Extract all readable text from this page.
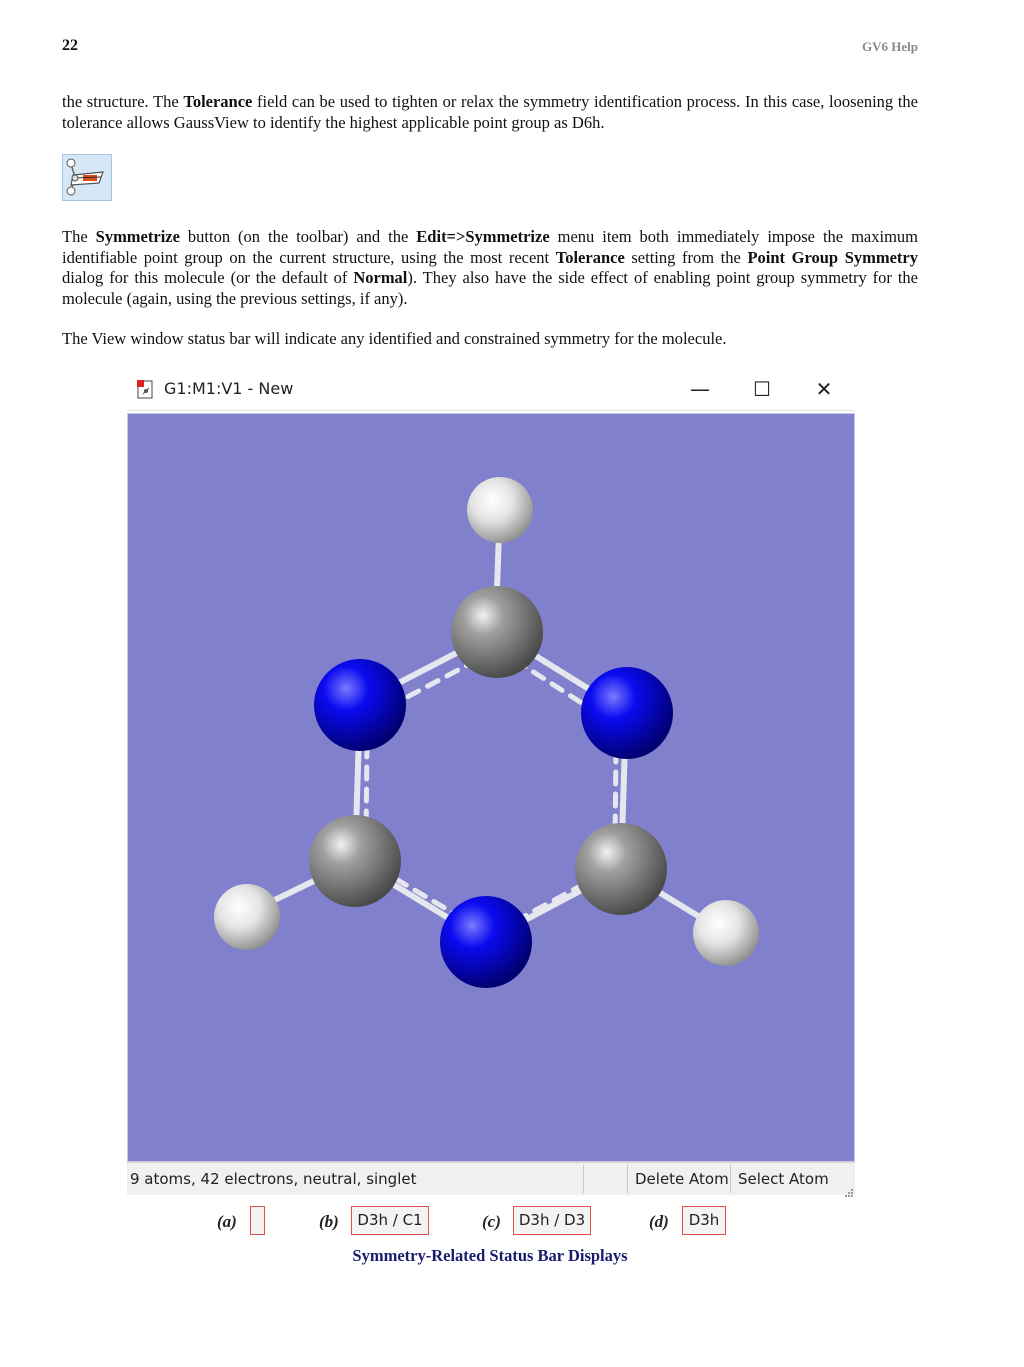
22	GV6 Help
the structure. The Tolerance field can be used to tighten or relax the symmetry identification process. In this case, loosening the tolerance allows GaussView to identify the highest applicable point group as D6h.
The Symmetrize button (on the toolbar) and the Edit=>Symmetrize menu item both immediately impose the maximum identifiable point group on the current structure, using the most recent Tolerance setting from the Point Group Symmetry dialog for this molecule (or the default of Normal). They also have the side effect of enabling point group symmetry for the molecule (again, using the previous settings, if any).
The View window status bar will indicate any identified and constrained symmetry for the molecule.
G1:M1:V1 - New	—	☐	✕
9 atoms, 42 electrons, neutral, singlet	Delete Atom Select Atom
(a)	(b)	D3h / C1	(c)	D3h / D3	(d)	D3h
Symmetry-Related Status Bar Displays
